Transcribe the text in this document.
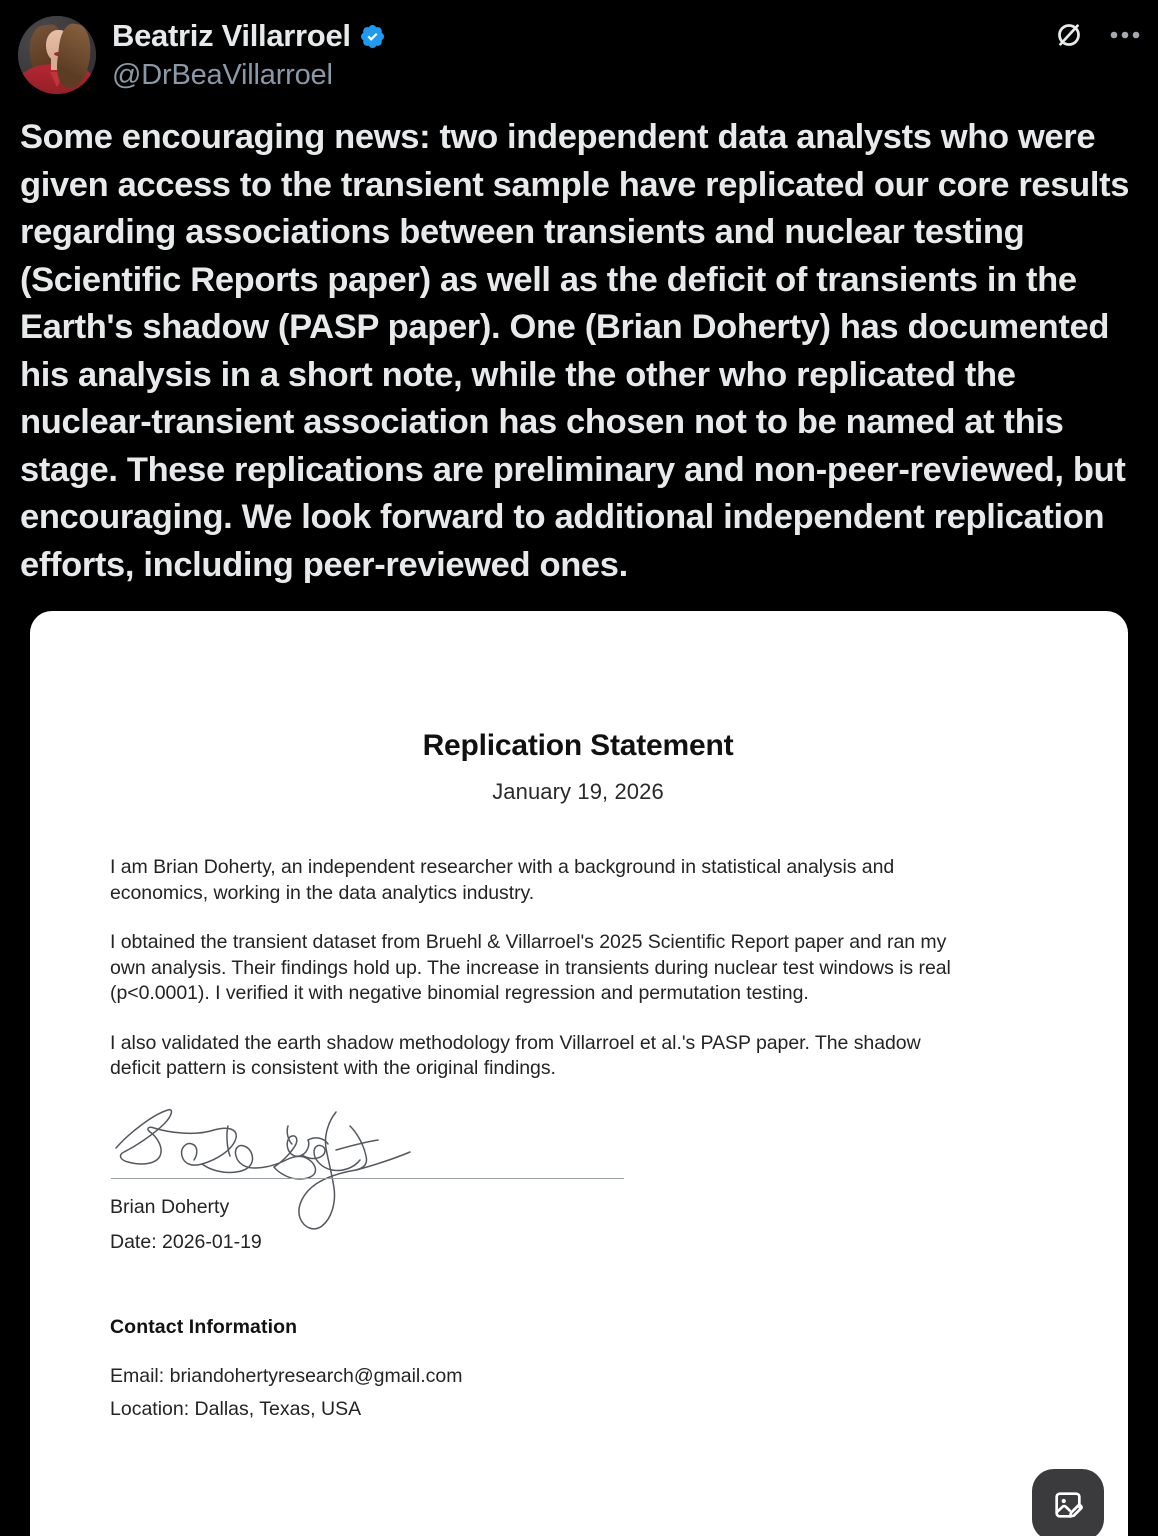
Beatriz Villarroel
@DrBeaVillarroel
Some encouraging news: two independent data analysts who were given access to the transient sample have replicated our core results regarding associations between transients and nuclear testing (Scientific Reports paper) as well as the deficit of transients in the Earth's shadow (PASP paper). One (Brian Doherty) has documented his analysis in a short note, while the other who replicated the nuclear-transient association has chosen not to be named at this stage. These replications are preliminary and non-peer-reviewed, but encouraging. We look forward to additional independent replication efforts, including peer-reviewed ones.
Replication Statement
January 19, 2026

I am Brian Doherty, an independent researcher with a background in statistical analysis and economics, working in the data analytics industry.

I obtained the transient dataset from Bruehl & Villarroel's 2025 Scientific Report paper and ran my own analysis. Their findings hold up. The increase in transients during nuclear test windows is real (p<0.0001). I verified it with negative binomial regression and permutation testing.

I also validated the earth shadow methodology from Villarroel et al.'s PASP paper. The shadow deficit pattern is consistent with the original findings.

Brian Doherty
Date: 2026-01-19
Contact Information
Email: briandohertyresearch@gmail.com
Location: Dallas, Texas, USA
